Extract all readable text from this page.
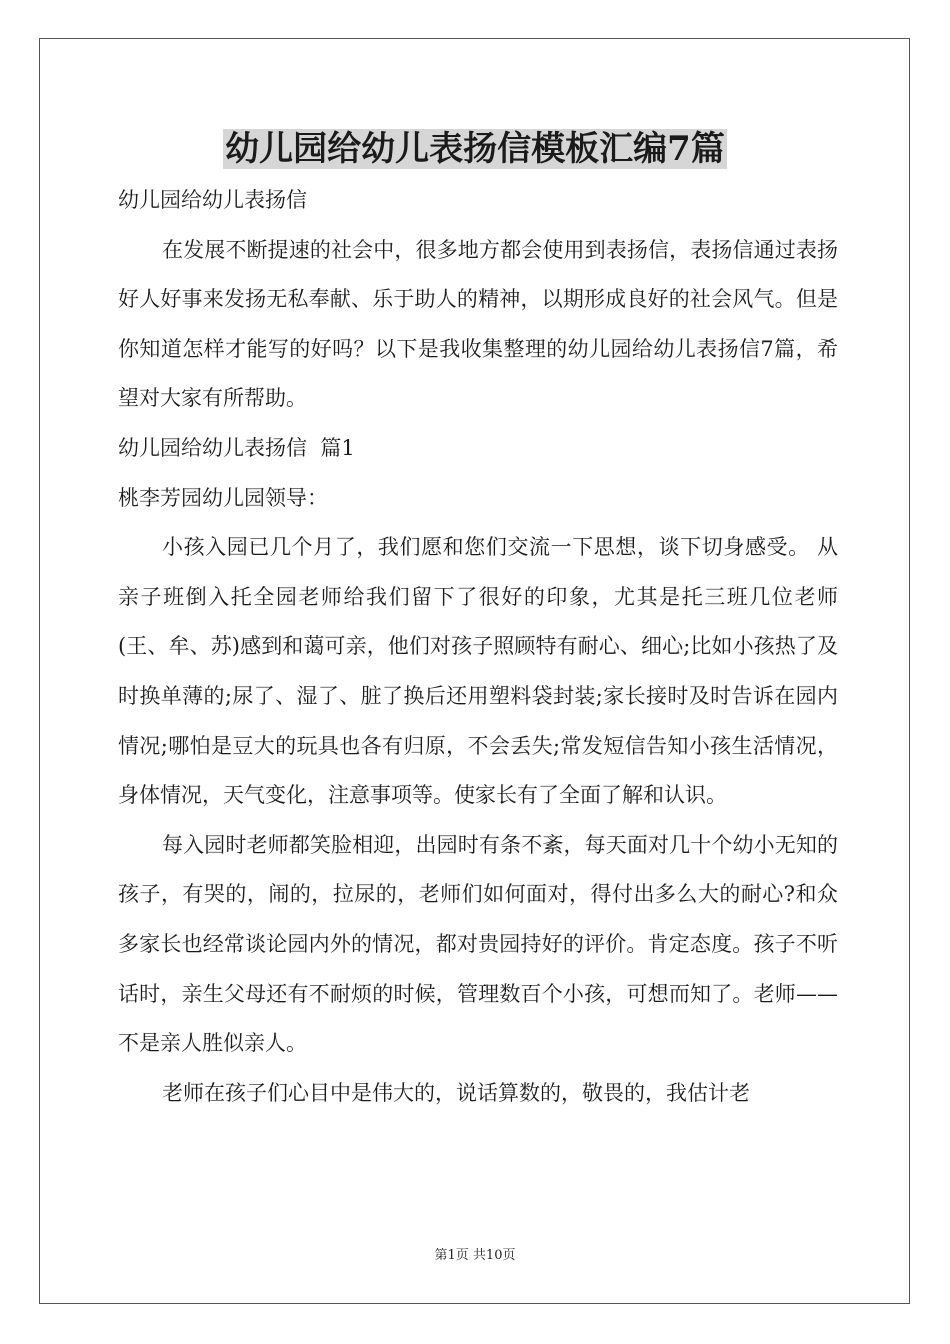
幼儿园给幼儿表扬信模板汇编7篇

幼儿园给幼儿表扬信

在发展不断提速的社会中，很多地方都会使用到表扬信，表扬信通过表扬好人好事来发扬无私奉献、乐于助人的精神，以期形成良好的社会风气。但是你知道怎样才能写的好吗？以下是我收集整理的幼儿园给幼儿表扬信7篇，希望对大家有所帮助。

幼儿园给幼儿表扬信  篇1

桃李芳园幼儿园领导：

小孩入园已几个月了，我们愿和您们交流一下思想，谈下切身感受。 从亲子班倒入托全园老师给我们留下了很好的印象，尤其是托三班几位老师(王、牟、苏)感到和蔼可亲，他们对孩子照顾特有耐心、细心;比如小孩热了及时换单薄的;尿了、湿了、脏了换后还用塑料袋封装;家长接时及时告诉在园内情况;哪怕是豆大的玩具也各有归原，不会丢失;常发短信告知小孩生活情况，身体情况，天气变化，注意事项等。使家长有了全面了解和认识。

每入园时老师都笑脸相迎，出园时有条不紊，每天面对几十个幼小无知的孩子，有哭的，闹的，拉尿的，老师们如何面对，得付出多么大的耐心?和众多家长也经常谈论园内外的情况，都对贵园持好的评价。肯定态度。孩子不听话时，亲生父母还有不耐烦的时候，管理数百个小孩，可想而知了。老师——不是亲人胜似亲人。

老师在孩子们心目中是伟大的，说话算数的，敬畏的，我估计老

第1页 共10页
